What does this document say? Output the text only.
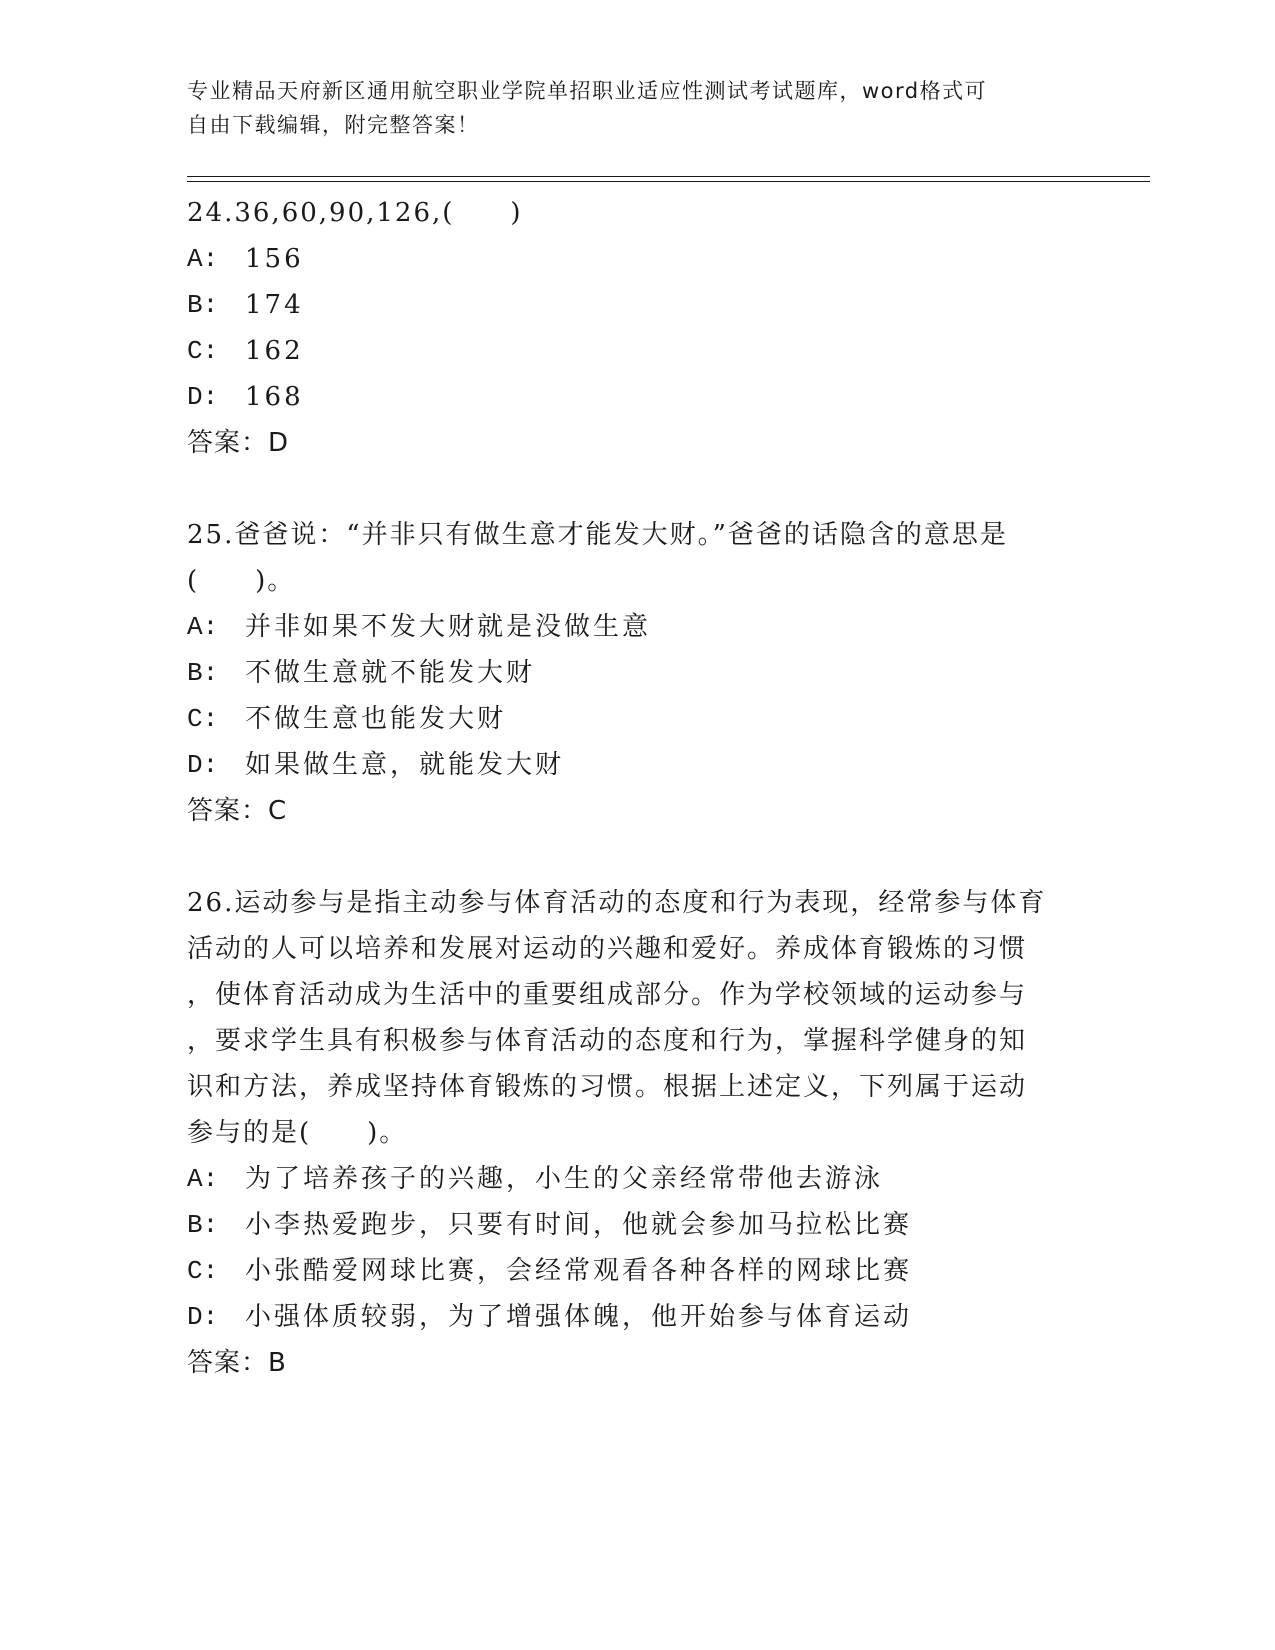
专业精品天府新区通用航空职业学院单招职业适应性测试考试题库，word格式可
自由下载编辑，附完整答案！
24.36,60,90,126,(　　)
A:	156
B:	174
C:	162
D:	168
答案：D
25.爸爸说：“并非只有做生意才能发大财。”爸爸的话隐含的意思是
(　　)。
A:	并非如果不发大财就是没做生意
B:	不做生意就不能发大财
C:	不做生意也能发大财
D:	如果做生意，就能发大财
答案：C
26.运动参与是指主动参与体育活动的态度和行为表现，经常参与体育
活动的人可以培养和发展对运动的兴趣和爱好。养成体育锻炼的习惯
，使体育活动成为生活中的重要组成部分。作为学校领域的运动参与
，要求学生具有积极参与体育活动的态度和行为，掌握科学健身的知
识和方法，养成坚持体育锻炼的习惯。根据上述定义，下列属于运动
参与的是(　　)。
A:	为了培养孩子的兴趣，小生的父亲经常带他去游泳
B:	小李热爱跑步，只要有时间，他就会参加马拉松比赛
C:	小张酷爱网球比赛，会经常观看各种各样的网球比赛
D:	小强体质较弱，为了增强体魄，他开始参与体育运动
答案：B
